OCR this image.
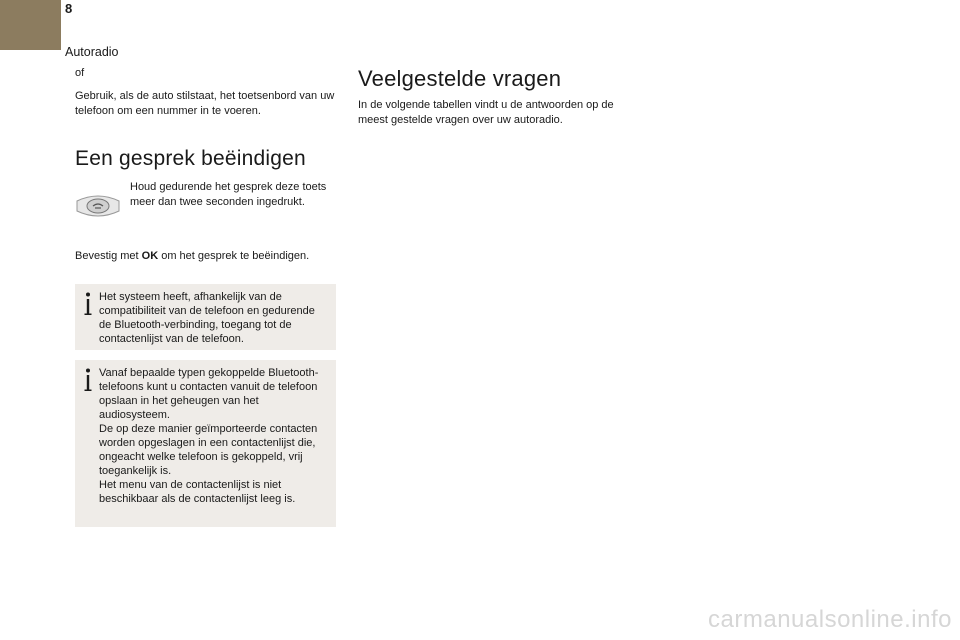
8
Autoradio
of
Gebruik, als de auto stilstaat, het toetsenbord van uw telefoon om een nummer in te voeren.
Een gesprek beëindigen
Houd gedurende het gesprek deze toets meer dan twee seconden ingedrukt.
Bevestig met OK om het gesprek te beëindigen.
Het systeem heeft, afhankelijk van de compatibiliteit van de telefoon en gedurende de Bluetooth-verbinding, toegang tot de contactenlijst van de telefoon.
Vanaf bepaalde typen gekoppelde Bluetooth-telefoons kunt u contacten vanuit de telefoon opslaan in het geheugen van het audiosysteem.
De op deze manier geïmporteerde contacten worden opgeslagen in een contactenlijst die, ongeacht welke telefoon is gekoppeld, vrij toegankelijk is.
Het menu van de contactenlijst is niet beschikbaar als de contactenlijst leeg is.
Veelgestelde vragen
In de volgende tabellen vindt u de antwoorden op de meest gestelde vragen over uw autoradio.
carmanualsonline.info
